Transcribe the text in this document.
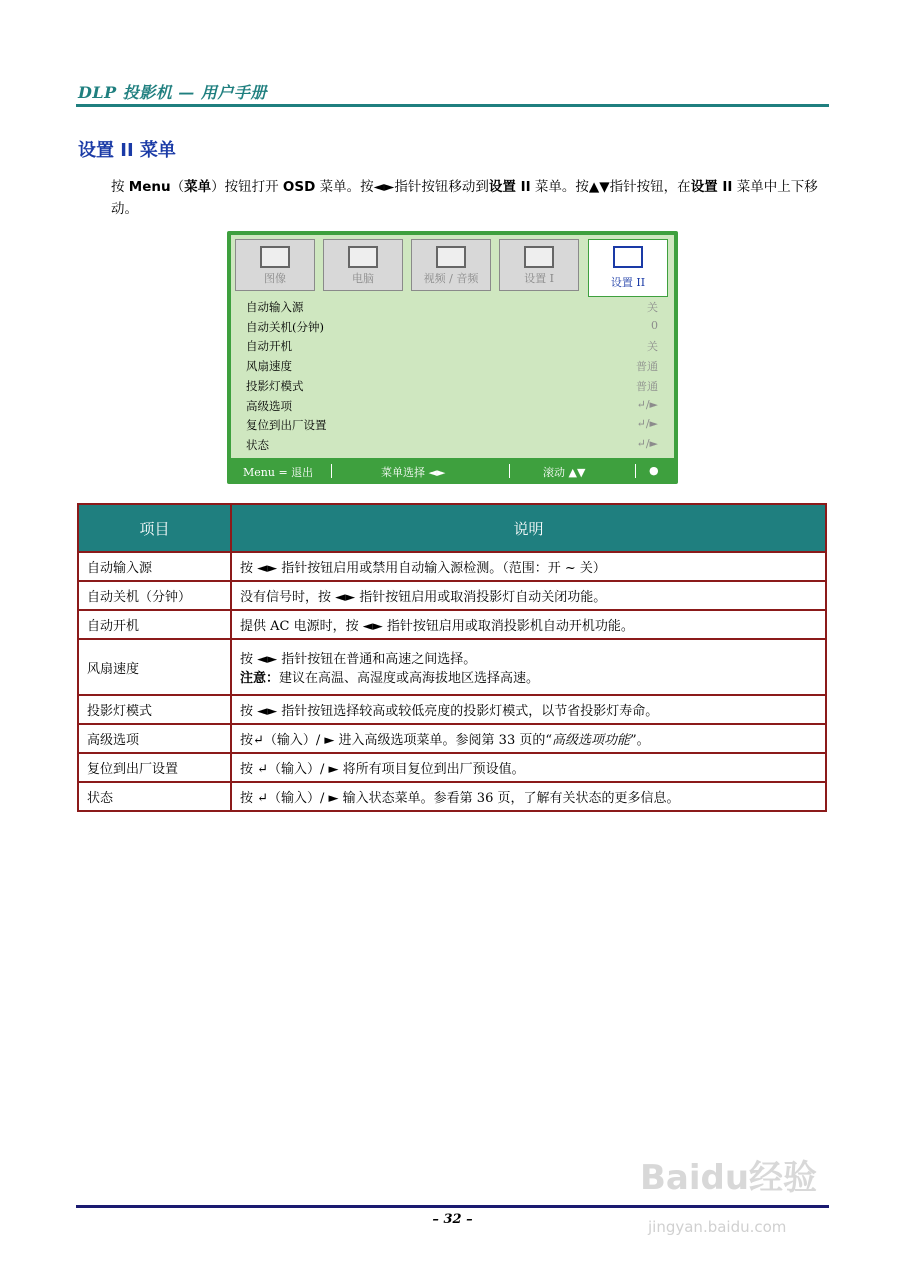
DLP 投影机 — 用户手册
设置 II 菜单
按 Menu（菜单）按钮打开 OSD 菜单。按◄►指针按钮移动到设置 II 菜单。按▲▼指针按钮，在设置 II 菜单中上下移动。
图像	电脑	视频 / 音频	设置 I	设置 II
自动输入源	关
自动关机(分钟)	0
自动开机	关
风扇速度	普通
投影灯模式	普通
高级选项	↵/►
复位到出厂设置	↵/►
状态	↵/►
Menu = 退出	菜单选择 ◄►	滚动 ▲▼	●
项目	说明
自动输入源	按 ◄► 指针按钮启用或禁用自动输入源检测。（范围：开 ~ 关）
自动关机（分钟）	没有信号时，按 ◄► 指针按钮启用或取消投影灯自动关闭功能。
自动开机	提供 AC 电源时，按 ◄► 指针按钮启用或取消投影机自动开机功能。
风扇速度	按 ◄► 指针按钮在普通和高速之间选择。
注意：建议在高温、高湿度或高海拔地区选择高速。

投影灯模式	按 ◄► 指针按钮选择较高或较低亮度的投影灯模式，以节省投影灯寿命。
高级选项	按↵（输入）/ ► 进入高级选项菜单。参阅第 33 页的“高级选项功能”。
复位到出厂设置	按 ↵（输入）/ ► 将所有项目复位到出厂预设值。
状态	按 ↵（输入）/ ► 输入状态菜单。参看第 36 页，了解有关状态的更多信息。
Baidu经验
jingyan.baidu.com
– 32 –
